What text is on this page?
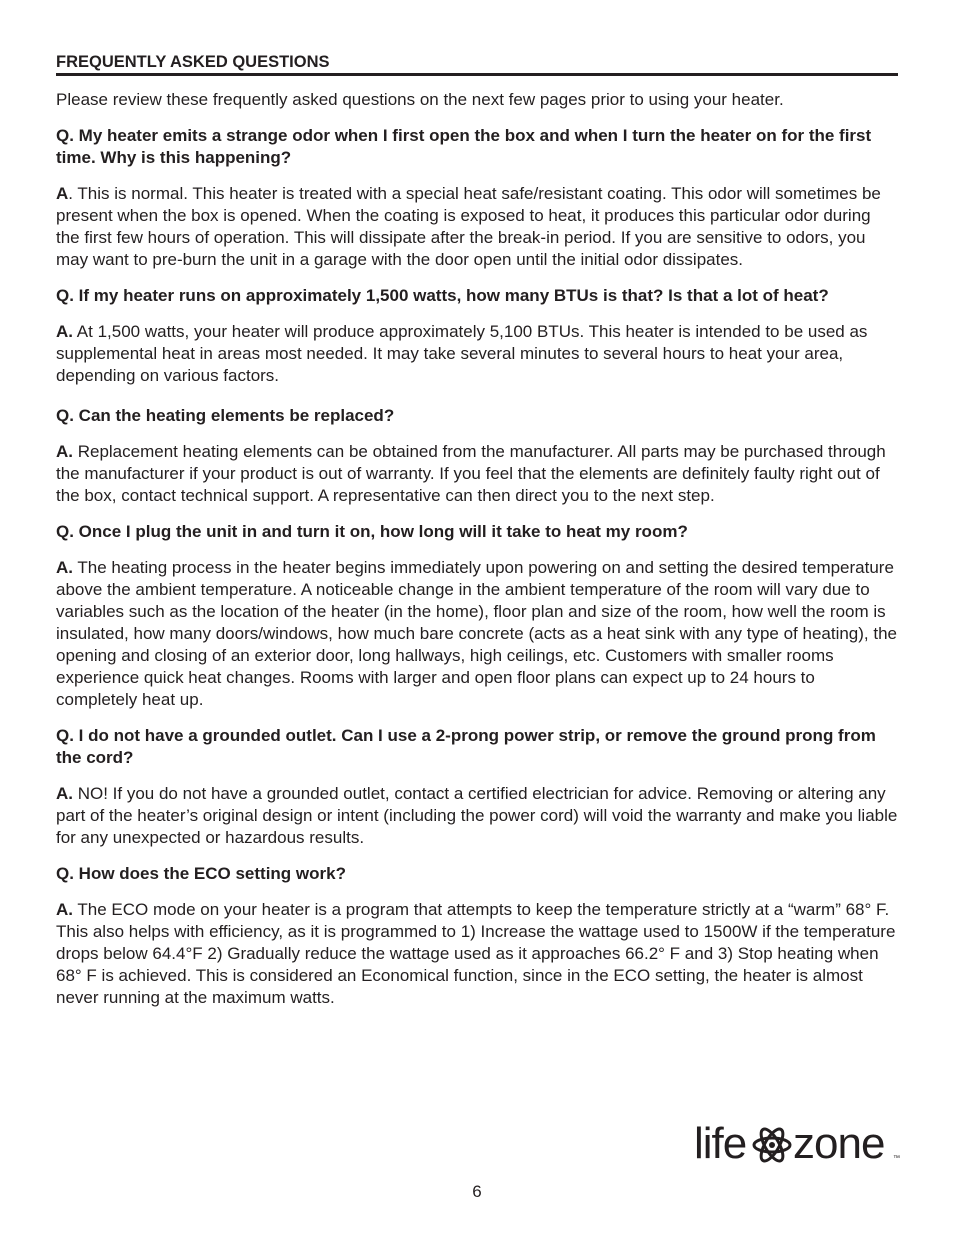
FREQUENTLY ASKED QUESTIONS

Please review these frequently asked questions on the next few pages prior to using your heater.

Q. My heater emits a strange odor when I first open the box and when I turn the heater on for the first time. Why is this happening?

A. This is normal. This heater is treated with a special heat safe/resistant coating. This odor will sometimes be present when the box is opened. When the coating is exposed to heat, it produces this particular odor during the first few hours of operation. This will dissipate after the break-in period. If you are sensitive to odors, you may want to pre-burn the unit in a garage with the door open until the initial odor dissipates.

Q. If my heater runs on approximately 1,500 watts, how many BTUs is that? Is that a lot of heat?

A. At 1,500 watts, your heater will produce approximately 5,100 BTUs. This heater is intended to be used as supplemental heat in areas most needed. It may take several minutes to several hours to heat your area, depending on various factors.

Q. Can the heating elements be replaced?

A. Replacement heating elements can be obtained from the manufacturer. All parts may be purchased through the manufacturer if your product is out of warranty. If you feel that the elements are definitely faulty right out of the box, contact technical support. A representative can then direct you to the next step.

Q. Once I plug the unit in and turn it on, how long will it take to heat my room?

A. The heating process in the heater begins immediately upon powering on and setting the desired temperature above the ambient temperature. A noticeable change in the ambient temperature of the room will vary due to variables such as the location of the heater (in the home), floor plan and size of the room, how well the room is insulated, how many doors/windows, how much bare concrete (acts as a heat sink with any type of heating), the opening and closing of an exterior door, long hallways, high ceilings, etc. Customers with smaller rooms experience quick heat changes. Rooms with larger and open floor plans can expect up to 24 hours to completely heat up.

Q. I do not have a grounded outlet. Can I use a 2-prong power strip, or remove the ground prong from the cord?

A. NO! If you do not have a grounded outlet, contact a certified electrician for advice. Removing or altering any part of the heater’s original design or intent (including the power cord) will void the warranty and make you liable for any unexpected or hazardous results.

Q. How does the ECO setting work?

A. The ECO mode on your heater is a program that attempts to keep the temperature strictly at a “warm” 68° F. This also helps with efficiency, as it is programmed to 1) Increase the wattage used to 1500W if the temperature drops below 64.4°F 2) Gradually reduce the wattage used as it approaches 66.2° F and 3) Stop heating when 68° F is achieved. This is considered an Economical function, since in the ECO setting, the heater is almost never running at the maximum watts.

life zone ™
6
